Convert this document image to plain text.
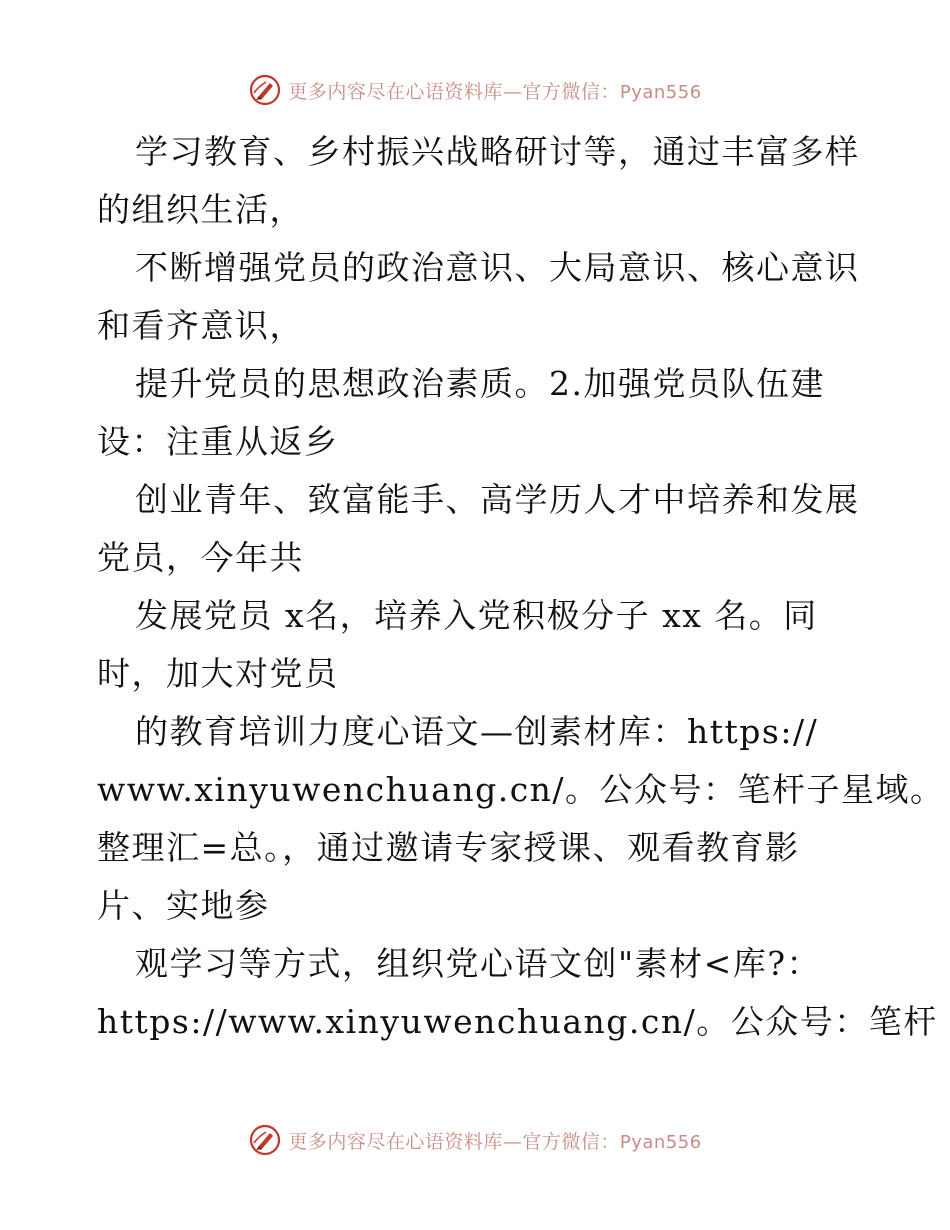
更多内容尽在心语资料库—官方微信：Pyan556
学习教育、乡村振兴战略研讨等，通过丰富多样
的组织生活，
不断增强党员的政治意识、大局意识、核心意识
和看齐意识，
提升党员的思想政治素质。2.加强党员队伍建
设：注重从返乡
创业青年、致富能手、高学历人才中培养和发展
党员，今年共
发展党员 x名，培养入党积极分子 xx 名。同
时，加大对党员
的教育培训力度心语文—创素材库：https://
www.xinyuwenchuang.cn/。公众号：笔杆子星域。
整理汇=总。，通过邀请专家授课、观看教育影
片、实地参
观学习等方式，组织党心语文创"素材<库?：
https://www.xinyuwenchuang.cn/。公众号：笔杆
更多内容尽在心语资料库—官方微信：Pyan556
